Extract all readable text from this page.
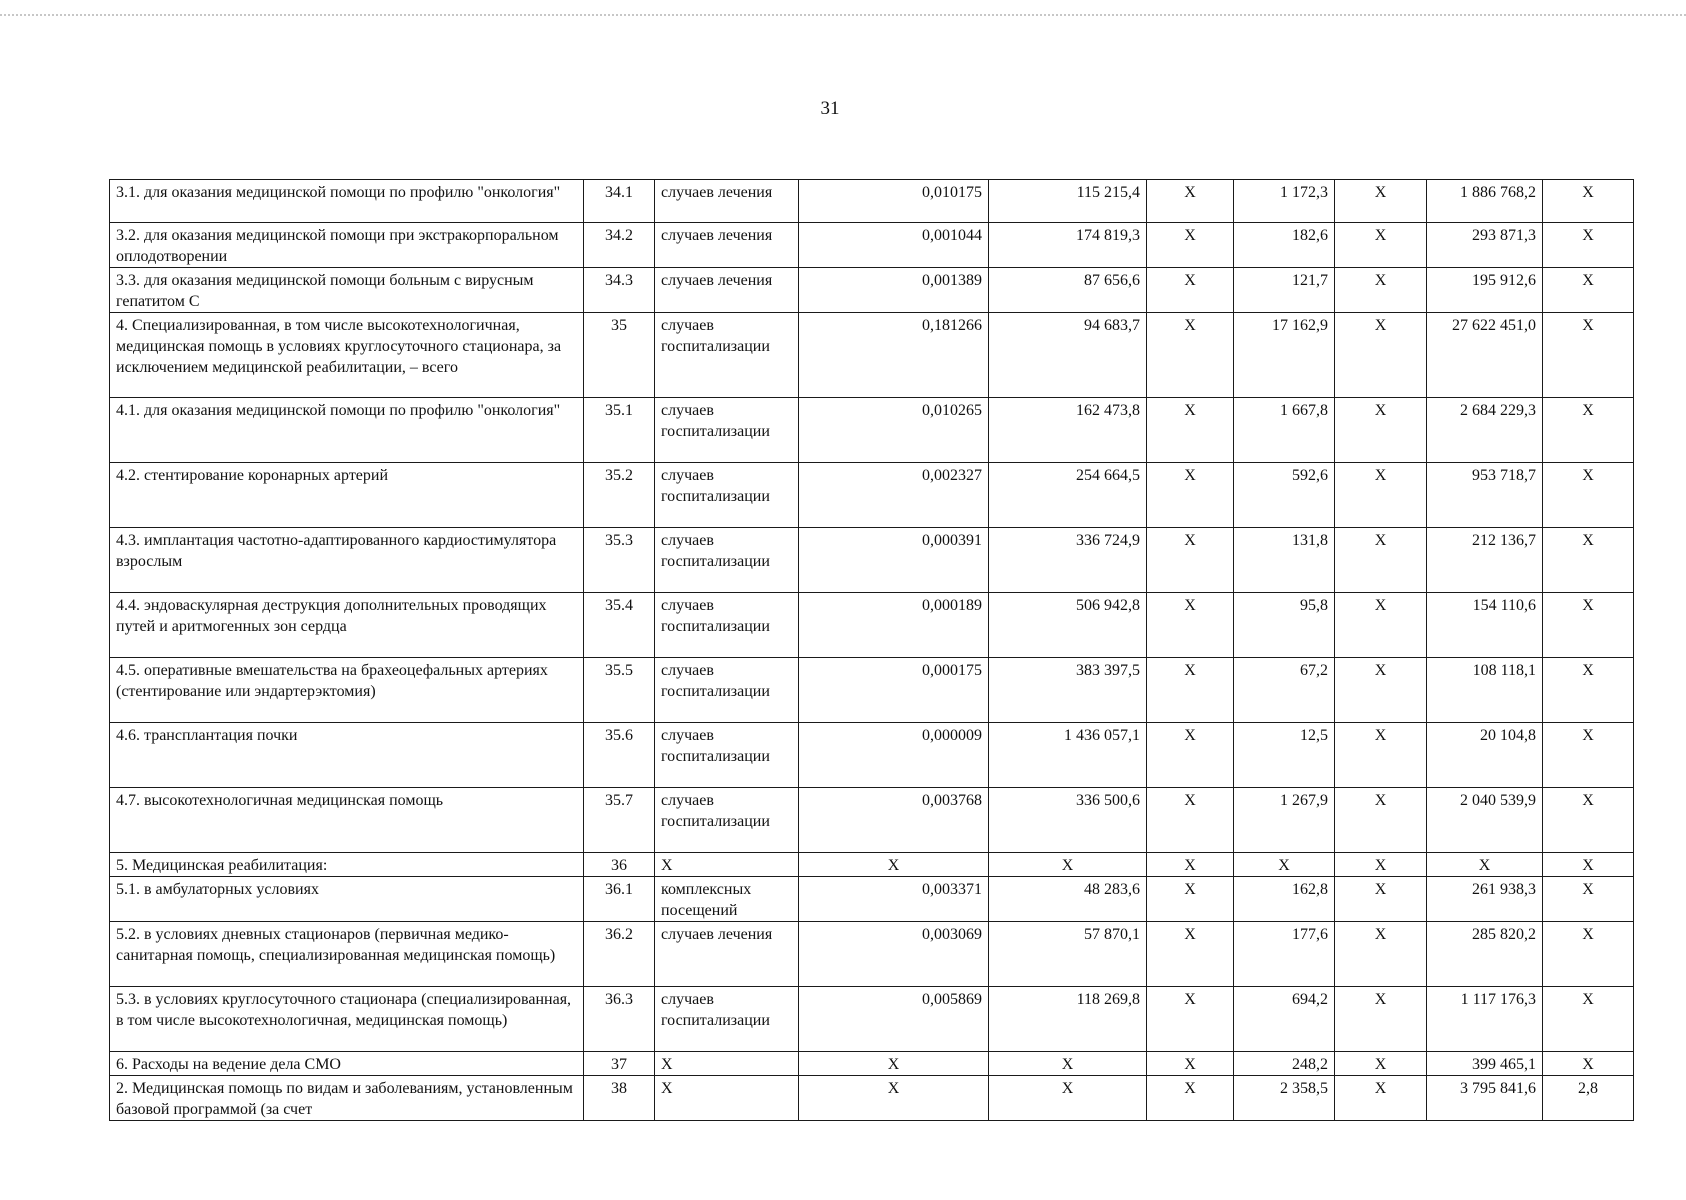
31
3.1. для оказания медицинской помощи по профилю "онкология"	34.1	случаев лечения	0,010175	115 215,4	Х	1 172,3	Х	1 886 768,2	Х
3.2. для оказания медицинской помощи при экстракорпоральном оплодотворении	34.2	случаев лечения	0,001044	174 819,3	Х	182,6	Х	293 871,3	Х
3.3. для оказания медицинской помощи больным с вирусным гепатитом С	34.3	случаев лечения	0,001389	87 656,6	Х	121,7	Х	195 912,6	Х
4. Специализированная, в том числе высокотехнологичная, медицинская помощь в условиях круглосуточного стационара, за исключением медицинской реабилитации, – всего	35	случаев госпитализации	0,181266	94 683,7	Х	17 162,9	Х	27 622 451,0	Х
4.1. для оказания медицинской помощи по профилю "онкология"	35.1	случаев госпитализации	0,010265	162 473,8	Х	1 667,8	Х	2 684 229,3	Х
4.2. стентирование коронарных артерий	35.2	случаев госпитализации	0,002327	254 664,5	Х	592,6	Х	953 718,7	Х
4.3. имплантация частотно-адаптированного кардиостимулятора взрослым	35.3	случаев госпитализации	0,000391	336 724,9	Х	131,8	Х	212 136,7	Х
4.4. эндоваскулярная деструкция дополнительных проводящих путей и аритмогенных зон сердца	35.4	случаев госпитализации	0,000189	506 942,8	Х	95,8	Х	154 110,6	Х
4.5. оперативные вмешательства на брахеоцефальных артериях (стентирование или эндартерэктомия)	35.5	случаев госпитализации	0,000175	383 397,5	Х	67,2	Х	108 118,1	Х
4.6. трансплантация почки	35.6	случаев госпитализации	0,000009	1 436 057,1	Х	12,5	Х	20 104,8	Х
4.7. высокотехнологичная медицинская помощь	35.7	случаев госпитализации	0,003768	336 500,6	Х	1 267,9	Х	2 040 539,9	Х
5. Медицинская реабилитация:	36	Х	Х	Х	Х	Х	Х	Х	Х
5.1. в амбулаторных условиях	36.1	комплексных посещений	0,003371	48 283,6	Х	162,8	Х	261 938,3	Х
5.2. в условиях дневных стационаров (первичная медико-санитарная помощь, специализированная медицинская помощь)	36.2	случаев лечения	0,003069	57 870,1	Х	177,6	Х	285 820,2	Х
5.3. в условиях круглосуточного стационара (специализированная, в том числе высокотехнологичная, медицинская помощь)	36.3	случаев госпитализации	0,005869	118 269,8	Х	694,2	Х	1 117 176,3	Х
6. Расходы на ведение дела СМО	37	Х	Х	Х	Х	248,2	Х	399 465,1	Х
2. Медицинская помощь по видам и заболеваниям, установленным базовой программой (за счет	38	Х	Х	Х	Х	2 358,5	Х	3 795 841,6	2,8
